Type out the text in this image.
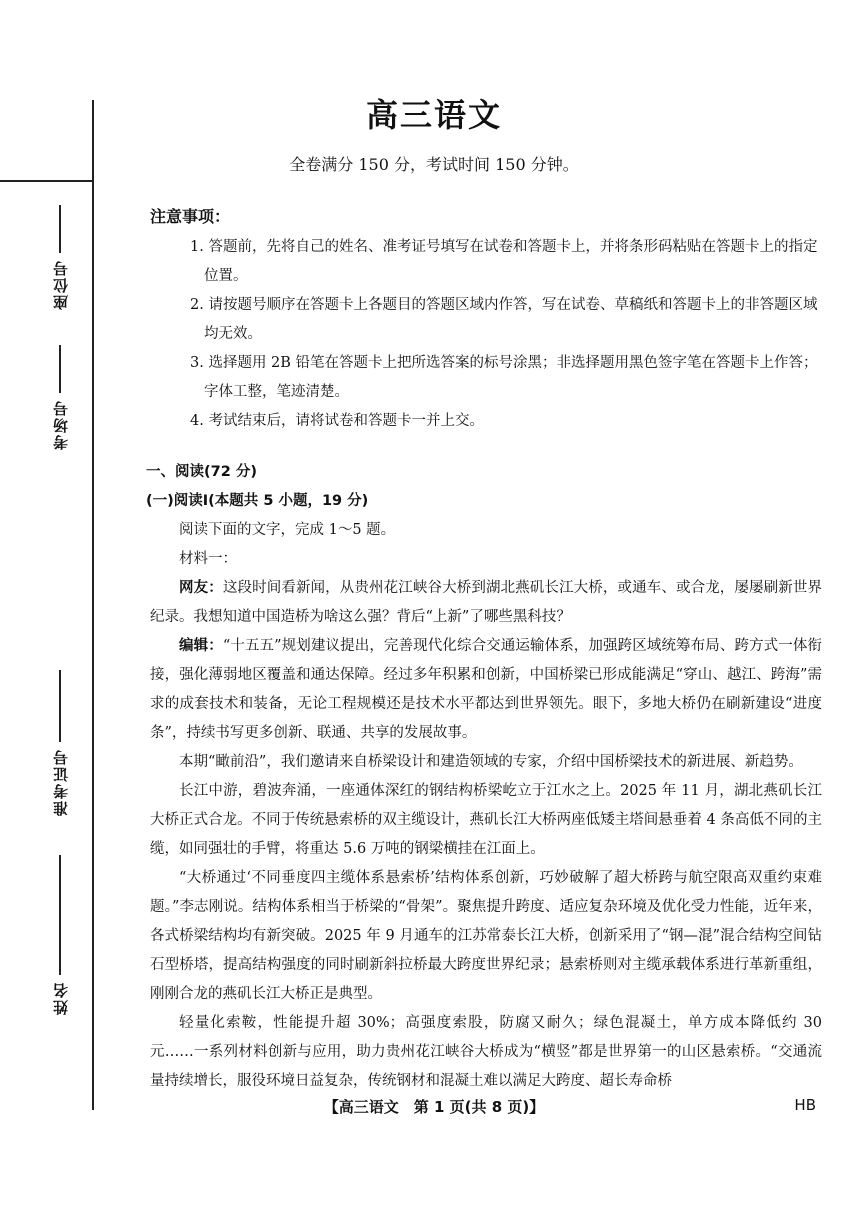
座位号
考场号
准考证号
姓名
高三语文
全卷满分 150 分，考试时间 150 分钟。
注意事项：
1. 答题前，先将自己的姓名、准考证号填写在试卷和答题卡上，并将条形码粘贴在答题卡上的指定位置。
2. 请按题号顺序在答题卡上各题目的答题区域内作答，写在试卷、草稿纸和答题卡上的非答题区域均无效。
3. 选择题用 2B 铅笔在答题卡上把所选答案的标号涂黑；非选择题用黑色签字笔在答题卡上作答；字体工整，笔迹清楚。
4. 考试结束后，请将试卷和答题卡一并上交。
一、阅读(72 分)
(一)阅读Ⅰ(本题共 5 小题，19 分)
阅读下面的文字，完成 1～5 题。
材料一：
网友：这段时间看新闻，从贵州花江峡谷大桥到湖北燕矶长江大桥，或通车、或合龙，屡屡刷新世界纪录。我想知道中国造桥为啥这么强？背后“上新”了哪些黑科技？
编辑：“十五五”规划建议提出，完善现代化综合交通运输体系，加强跨区域统筹布局、跨方式一体衔接，强化薄弱地区覆盖和通达保障。经过多年积累和创新，中国桥梁已形成能满足“穿山、越江、跨海”需求的成套技术和装备，无论工程规模还是技术水平都达到世界领先。眼下，多地大桥仍在刷新建设“进度条”，持续书写更多创新、联通、共享的发展故事。
本期“瞰前沿”，我们邀请来自桥梁设计和建造领域的专家，介绍中国桥梁技术的新进展、新趋势。
长江中游，碧波奔涌，一座通体深红的钢结构桥梁屹立于江水之上。2025 年 11 月，湖北燕矶长江大桥正式合龙。不同于传统悬索桥的双主缆设计，燕矶长江大桥两座低矮主塔间悬垂着 4 条高低不同的主缆，如同强壮的手臂，将重达 5.6 万吨的钢梁横挂在江面上。
“大桥通过‘不同垂度四主缆体系悬索桥’结构体系创新，巧妙破解了超大桥跨与航空限高双重约束难题。”李志刚说。结构体系相当于桥梁的“骨架”。聚焦提升跨度、适应复杂环境及优化受力性能，近年来，各式桥梁结构均有新突破。2025 年 9 月通车的江苏常泰长江大桥，创新采用了“钢—混”混合结构空间钻石型桥塔，提高结构强度的同时刷新斜拉桥最大跨度世界纪录；悬索桥则对主缆承载体系进行革新重组，刚刚合龙的燕矶长江大桥正是典型。
轻量化索鞍，性能提升超 30%；高强度索股，防腐又耐久；绿色混凝土，单方成本降低约 30 元……一系列材料创新与应用，助力贵州花江峡谷大桥成为“横竖”都是世界第一的山区悬索桥。“交通流量持续增长，服役环境日益复杂，传统钢材和混凝土难以满足大跨度、超长寿命桥
【高三语文　第 1 页(共 8 页)】	HB
